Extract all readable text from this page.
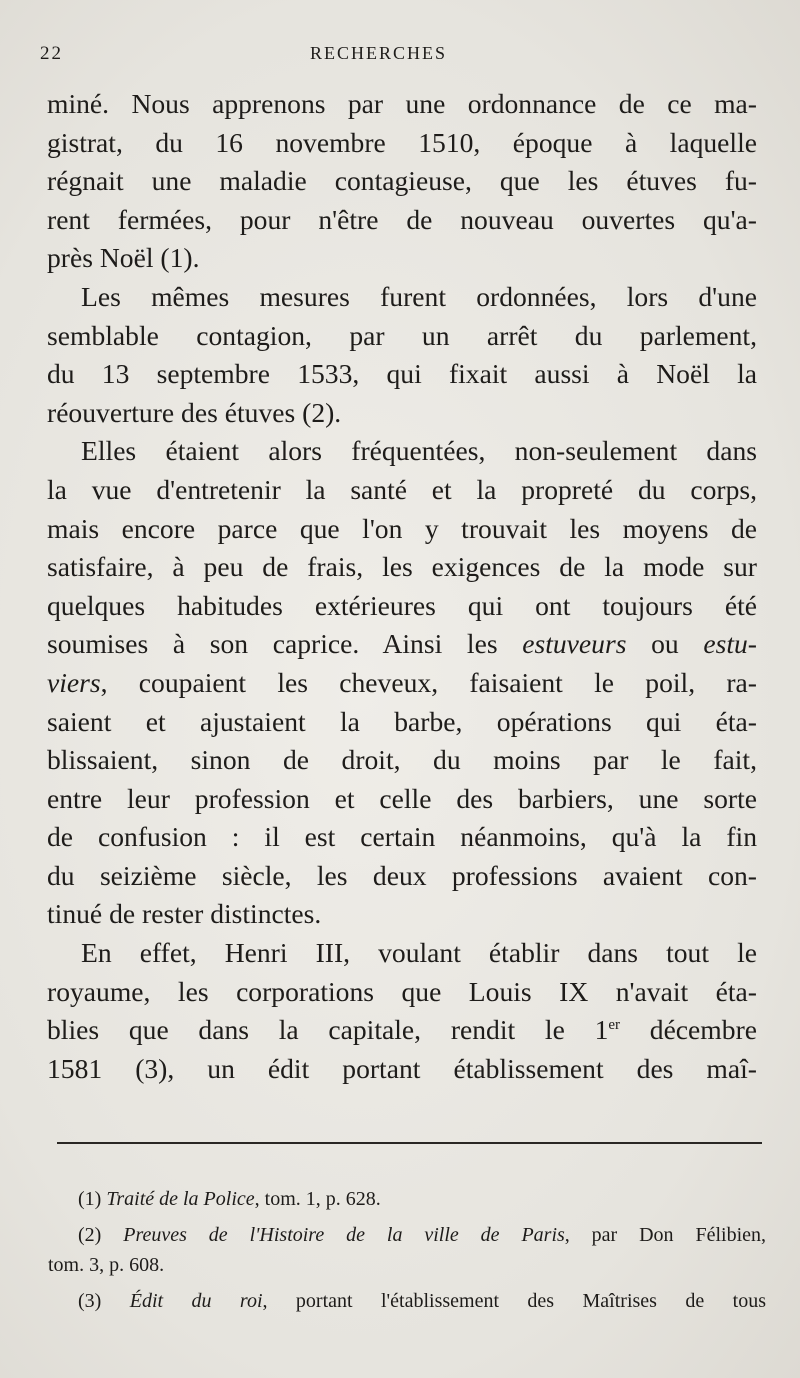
22	RECHERCHES
miné. Nous apprenons par une ordonnance de ce ma-
gistrat, du 16 novembre 1510, époque à laquelle
régnait une maladie contagieuse, que les étuves fu-
rent fermées, pour n'être de nouveau ouvertes qu'a-
près Noël (1).
Les mêmes mesures furent ordonnées, lors d'une
semblable contagion, par un arrêt du parlement,
du 13 septembre 1533, qui fixait aussi à Noël la
réouverture des étuves (2).
Elles étaient alors fréquentées, non-seulement dans
la vue d'entretenir la santé et la propreté du corps,
mais encore parce que l'on y trouvait les moyens de
satisfaire, à peu de frais, les exigences de la mode sur
quelques habitudes extérieures qui ont toujours été
soumises à son caprice. Ainsi les estuveurs ou estu-
viers, coupaient les cheveux, faisaient le poil, ra-
saient et ajustaient la barbe, opérations qui éta-
blissaient, sinon de droit, du moins par le fait,
entre leur profession et celle des barbiers, une sorte
de confusion : il est certain néanmoins, qu'à la fin
du seizième siècle, les deux professions avaient con-
tinué de rester distinctes.
En effet, Henri III, voulant établir dans tout le
royaume, les corporations que Louis IX n'avait éta-
blies que dans la capitale, rendit le 1er décembre
1581 (3), un édit portant établissement des maî-
(1) Traité de la Police, tom. 1, p. 628.
(2) Preuves de l'Histoire de la ville de Paris, par Don Félibien,
tom. 3, p. 608.
(3) Édit du roi, portant l'établissement des Maîtrises de tous
